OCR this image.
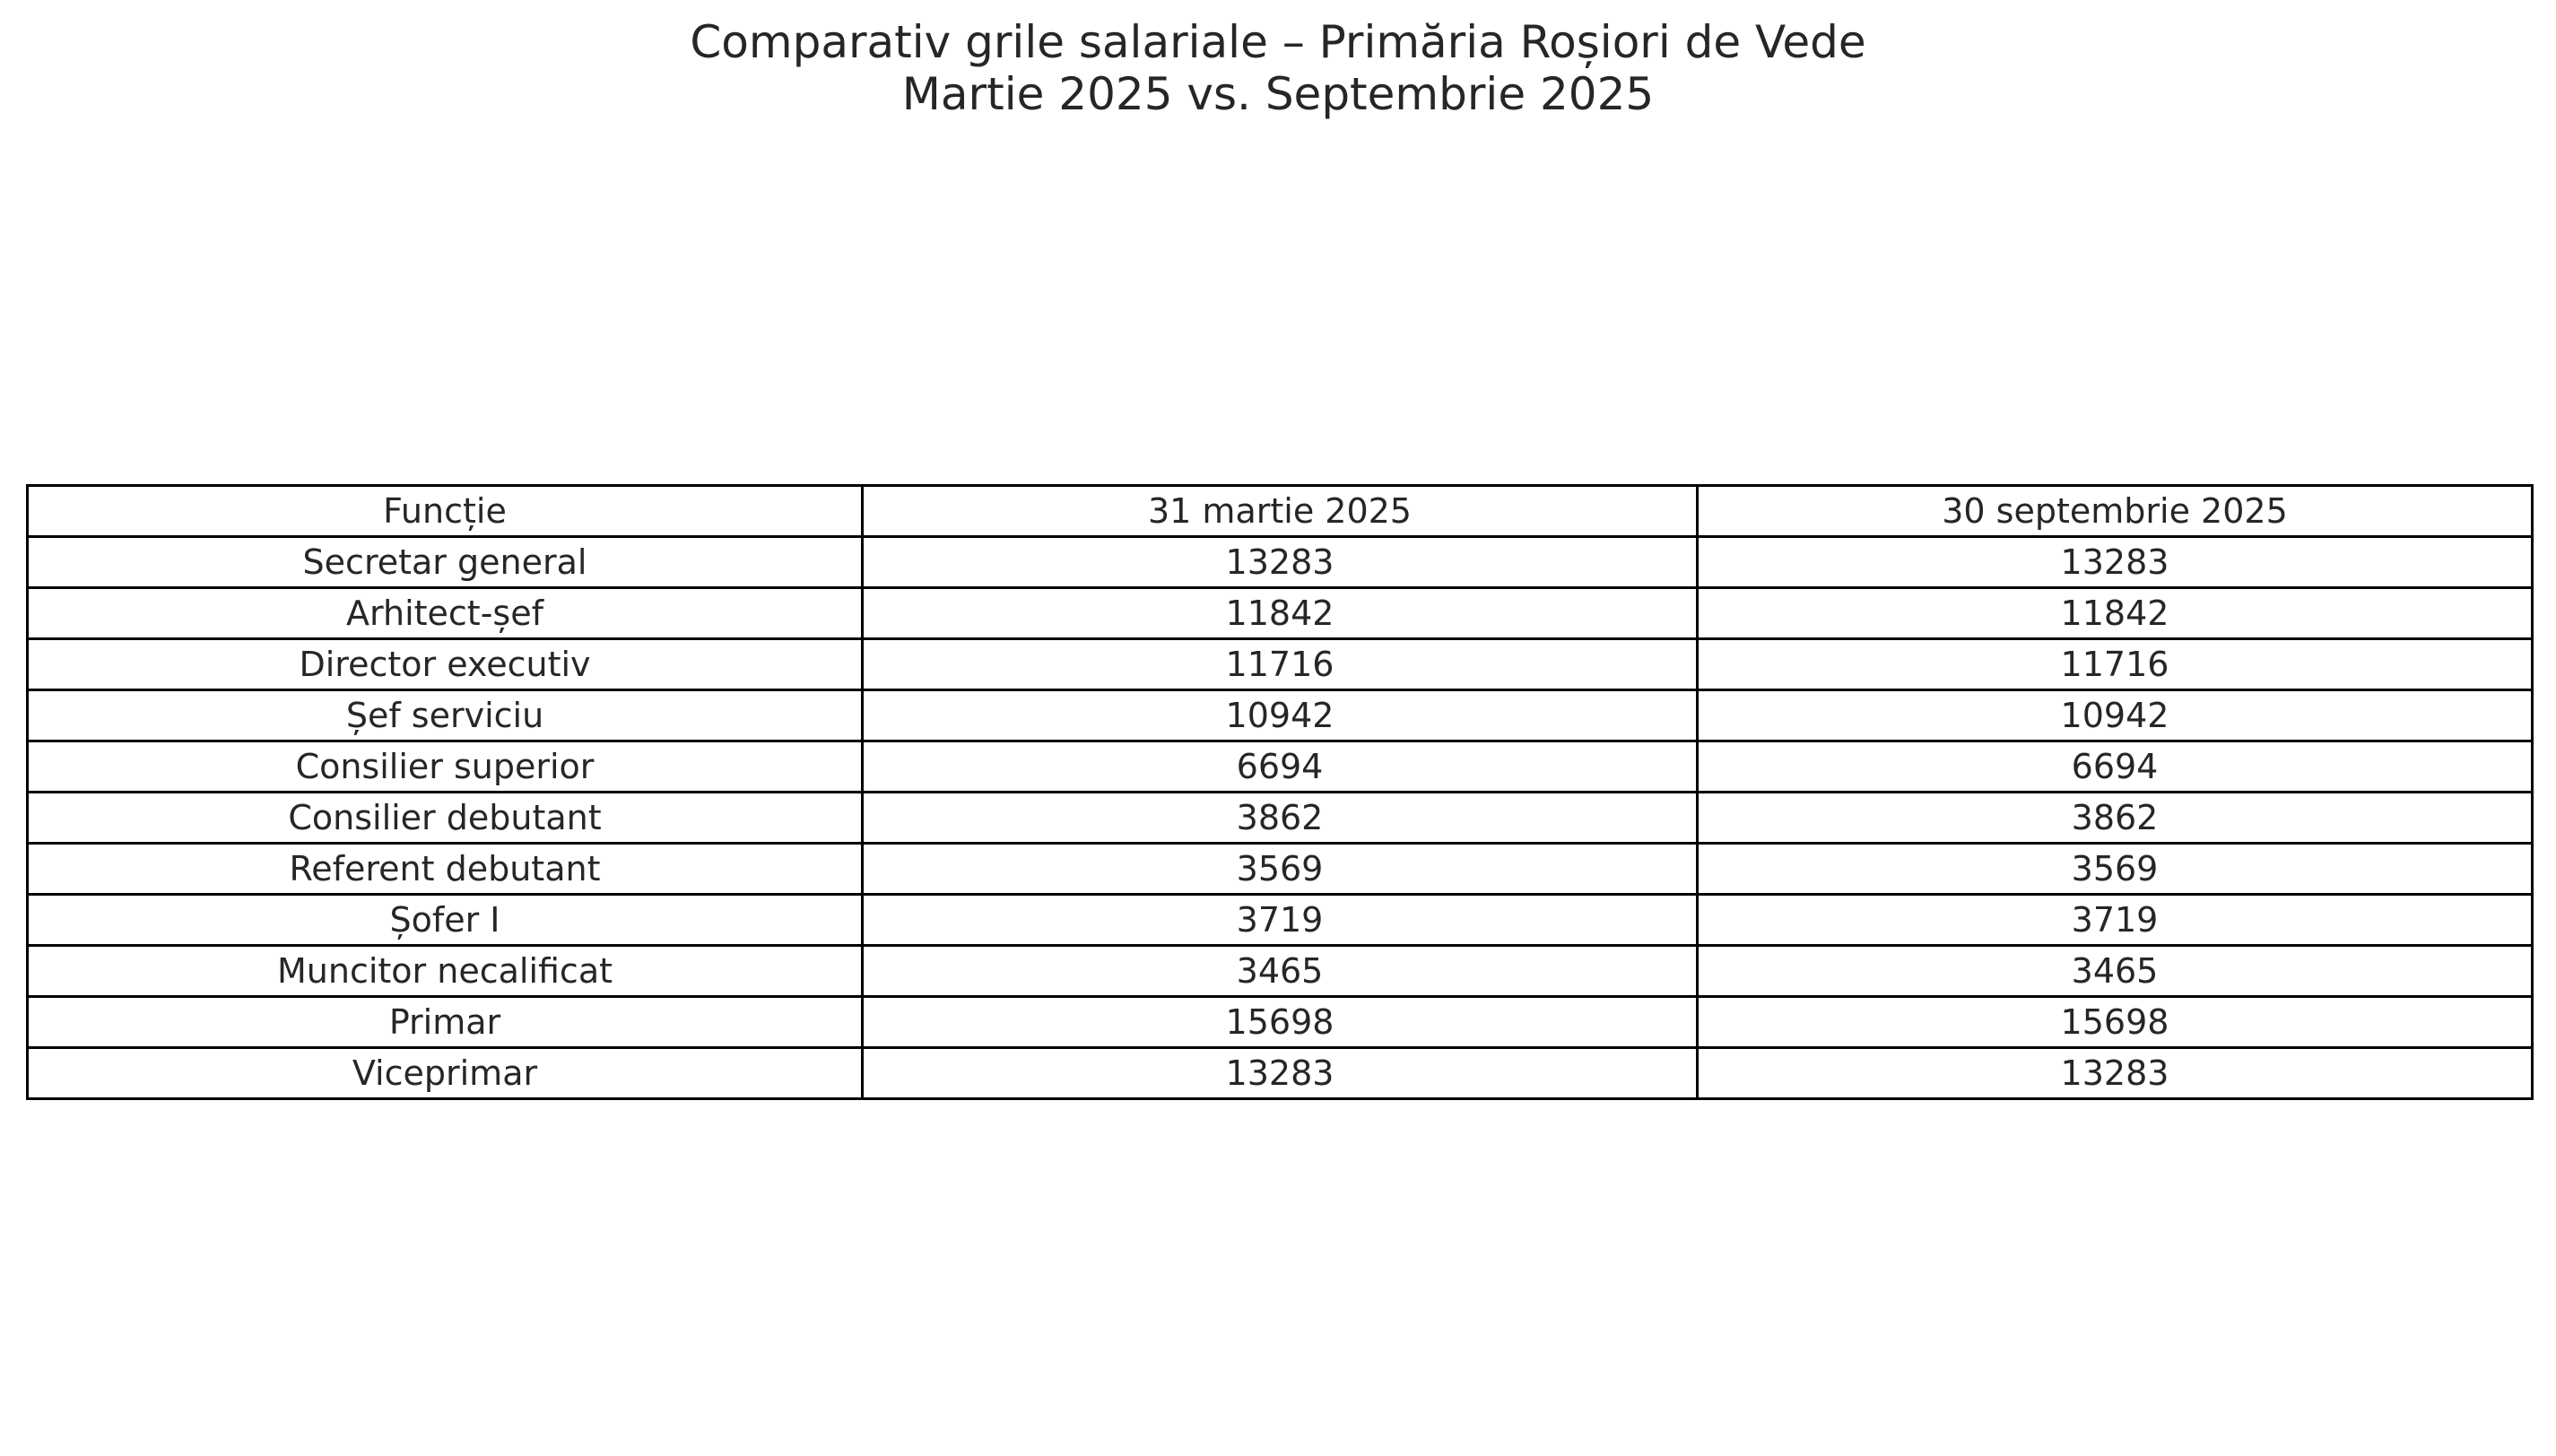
Comparativ grile salariale – Primăria Roșiori de Vede
Martie 2025 vs. Septembrie 2025
Funcție	31 martie 2025	30 septembrie 2025
Secretar general	13283	13283
Arhitect-șef	11842	11842
Director executiv	11716	11716
Șef serviciu	10942	10942
Consilier superior	6694	6694
Consilier debutant	3862	3862
Referent debutant	3569	3569
Șofer I	3719	3719
Muncitor necalificat	3465	3465
Primar	15698	15698
Viceprimar	13283	13283
